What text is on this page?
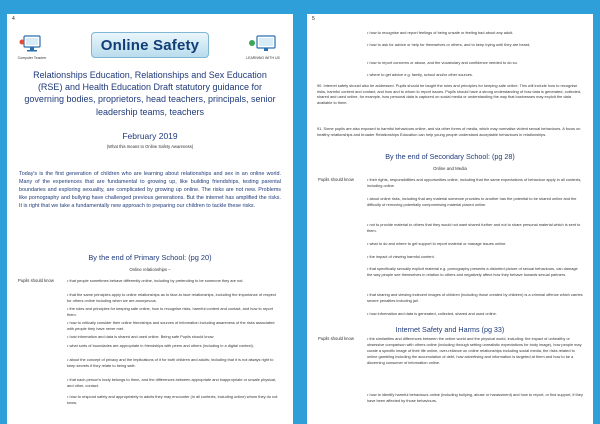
4
Computer Teacher
Online Safety
LEARNING WITH US
Relationships Education, Relationships and Sex Education (RSE) and Health Education Draft statutory guidance for governing bodies, proprietors, head teachers, principals, senior leadership teams, teachers
February 2019
(What this means to Online Safety Awareness)
Today's is the first generation of children who are learning about relationships and sex in an online world. Many of the experiences that are fundamental to growing up, like building friendships, testing parental boundaries and exploring sexuality, are complicated by growing up online. The risks are not new. Problems like pornography and bullying have challenged previous generations. But the internet has amplified the risks. It is right that we take a fundamentally new approach to preparing our children to tackle these risks.
By the end of Primary School: (pg 20)
Online relationships –
Pupils should know	• that people sometimes behave differently online, including by pretending to be someone they are not.

• that the same principles apply to online relationships as to face-to face relationships, including the importance of respect for others online including when we are anonymous.

• the rules and principles for keeping safe online, how to recognise risks, harmful content and contact, and how to report them.

• how to critically consider their online friendships and sources of information including awareness of the risks associated with people they have never met.

• how information and data is shared and used online. Being safe Pupils should know

• what sorts of boundaries are appropriate in friendships with peers and others (including in a digital context).

• about the concept of privacy and the implications of it for both children and adults; including that it is not always right to keep secrets if they relate to being safe.

• that each person's body belongs to them, and the differences between appropriate and inappropriate or unsafe physical, and other, contact.

• how to respond safely and appropriately to adults they may encounter (in all contexts, including online) whom they do not know.

5

• how to recognise and report feelings of being unsafe or feeling bad about any adult.

• how to ask for advice or help for themselves or others, and to keep trying until they are heard,

• how to report concerns or abuse, and the vocabulary and confidence needed to do so.

• where to get advice e.g. family, school and/or other sources.

90. Internet safety should also be addressed. Pupils should be taught the rules and principles for keeping safe online. This will include how to recognise risks, harmful content and contact, and how and to whom to report issues. Pupils should have a strong understanding of how data is generated, collected, shared and used online, for example, how personal data is captured on social media or understanding the way that businesses may exploit the data available to them.

91. Some pupils are also exposed to harmful behaviours online, and via other forms of media, which may normalise violent sexual behaviours. A focus on healthy relationships and broader Relationships Education can help young people understand acceptable behaviours in relationships.

By the end of Secondary School: (pg 28)
Online and Media
Pupils should know	• their rights, responsibilities and opportunities online, including that the same expectations of behaviour apply in all contexts, including online.

• about online risks, including that any material someone provides to another has the potential to be shared online and the difficulty of removing potentially compromising material placed online.

• not to provide material to others that they would not want shared further and not to share personal material which is sent to them.

• what to do and where to get support to report material or manage issues online.

• the impact of viewing harmful content.

• that specifically sexually explicit material e.g. pornography presents a distorted picture of sexual behaviours, can damage the way people see themselves in relation to others and negatively affect how they behave towards sexual partners.

• that sharing and viewing indecent images of children (including those created by children) is a criminal offence which carries severe penalties including jail.

• how information and data is generated, collected, shared and used online.

Internet Safety and Harms (pg 33)
Pupils should know	• the similarities and differences between the online world and the physical world, including: the impact of unhealthy or obsessive comparison with others online (including through setting unrealistic expectations for body image), how people may curate a specific image of their life online, over-reliance on online relationships including social media, the risks related to online gambling including the accumulation of debt, how advertising and information is targeted at them and how to be a discerning consumer of information online.

• how to identify harmful behaviours online (including bullying, abuse or harassment) and how to report, or find support, if they have been affected by those behaviours.
